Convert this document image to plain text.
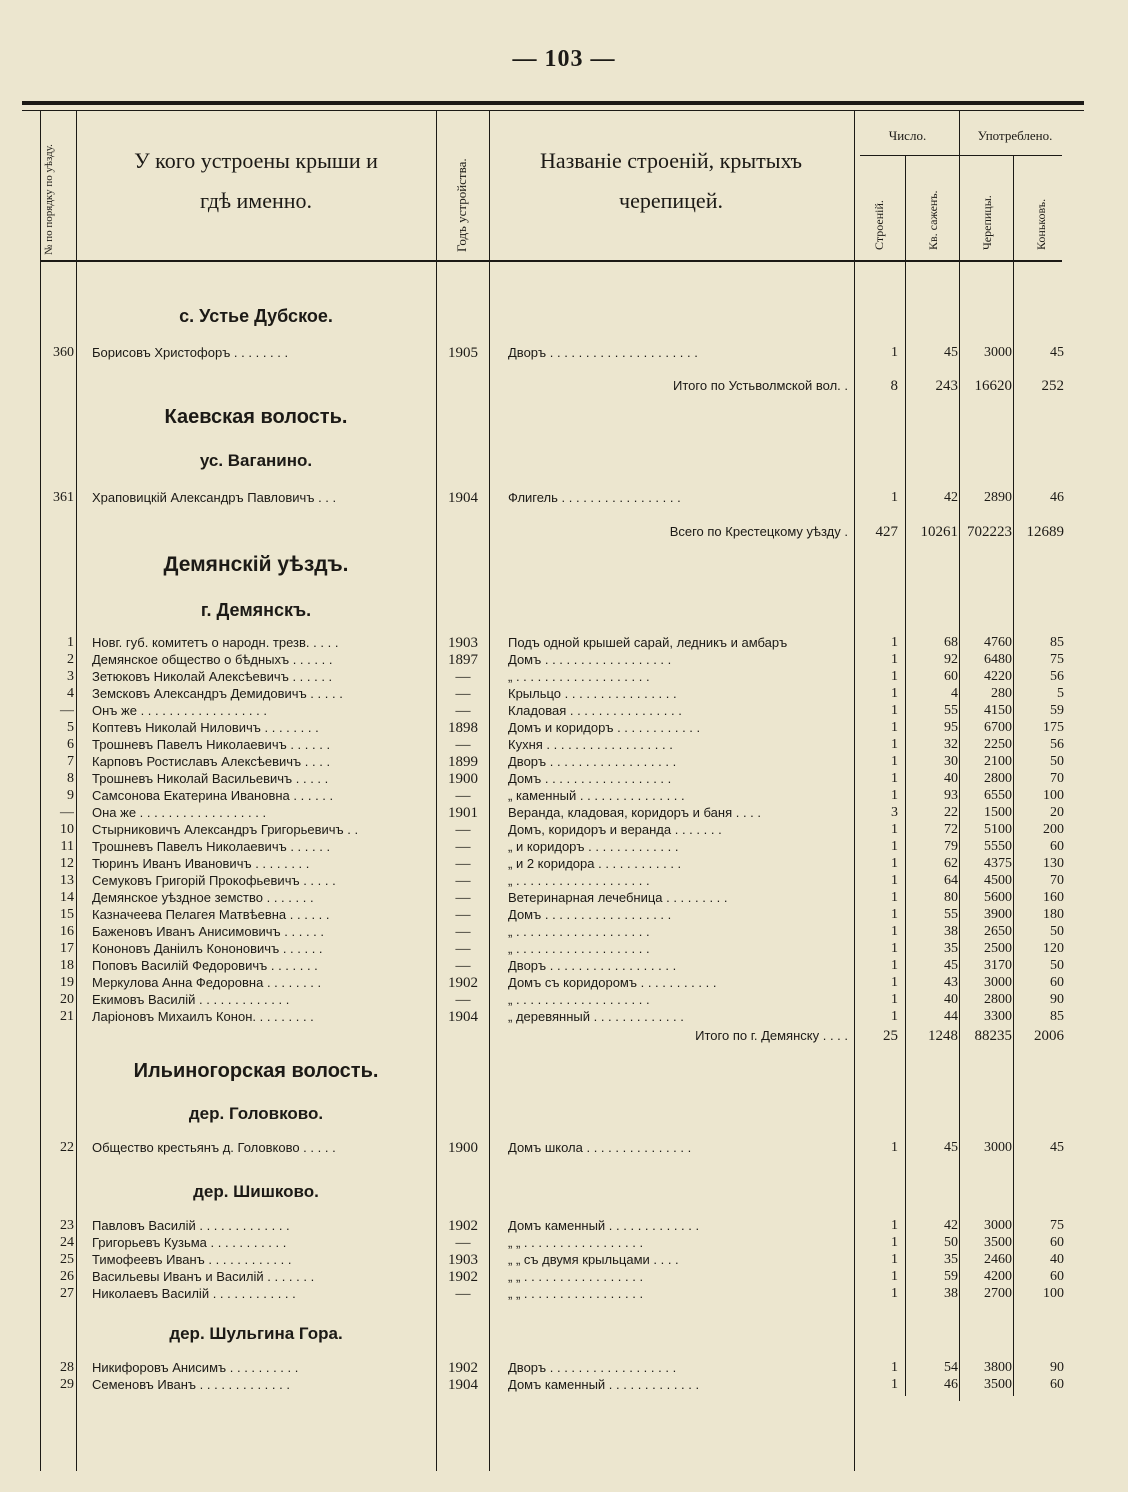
— 103 —
№ по порядку по уѣзду.	У кого устроены крыши и
гдѣ именно.	Годъ устройства.	Названіе строеній, крытыхъ
черепицей.
Число.	Употреблено.
Строеній.	Кв. саженъ.	Черепицы.	Коньковъ.
с. Устье Дубское.
Каевская волость.
ус. Ваганино.
Демянскій уѣздъ.
г. Демянскъ.
Ильиногорская волость.
дер. Головково.
дер. Шишково.
дер. Шульгина Гора.
Итого по Устьволмской вол. .	8	243	16620	252
Всего по Крестецкому уѣзду .	427	10261 702223 12689
Итого по г. Демянску . . . .	25	1248	88235	2006
360 Борисовъ Христофоръ . . . . . . . .	1905	Дворъ . . . . . . . . . . . . . . . . . . . . .	1	45	3000	45
361 Храповицкій Александръ Павловичъ . . .	1904	Флигель . . . . . . . . . . . . . . . . .	1	42	2890	46
1 Новг. губ. комитетъ о народн. трезв. . . . .	1903	Подъ одной крышей сарай, ледникъ и амбаръ	1	68	4760	85
2 Демянское общество о бѣдныхъ . . . . . .	1897	Домъ . . . . . . . . . . . . . . . . . .	1	92	6480	75
3 Зетюковъ Николай Алексѣевичъ . . . . . .	—	„ . . . . . . . . . . . . . . . . . . .	1	60	4220	56
4 Земсковъ Александръ Демидовичъ . . . . .	—	Крыльцо . . . . . . . . . . . . . . . .	1	4	280	5
— Онъ же . . . . . . . . . . . . . . . . . .	—	Кладовая . . . . . . . . . . . . . . . .	1	55	4150	59
5 Коптевъ Николай Ниловичъ . . . . . . . .	1898	Домъ и коридоръ . . . . . . . . . . . .	1	95	6700	175
6 Трошневъ Павелъ Николаевичъ . . . . . .	—	Кухня . . . . . . . . . . . . . . . . . .	1	32	2250	56
7 Карповъ Ростиславъ Алексѣевичъ . . . .	1899	Дворъ . . . . . . . . . . . . . . . . . .	1	30	2100	50
8 Трошневъ Николай Васильевичъ . . . . .	1900	Домъ . . . . . . . . . . . . . . . . . .	1	40	2800	70
9 Самсонова Екатерина Ивановна . . . . . .	—	„ каменный . . . . . . . . . . . . . . .	1	93	6550	100
— Она же . . . . . . . . . . . . . . . . . .	1901	Веранда, кладовая, коридоръ и баня . . . .	3	22	1500	20
10 Стырниковичъ Александръ Григорьевичъ . .	—	Домъ, коридоръ и веранда . . . . . . .	1	72	5100	200
11 Трошневъ Павелъ Николаевичъ . . . . . .	—	„ и коридоръ . . . . . . . . . . . . .	1	79	5550	60
12 Тюринъ Иванъ Ивановичъ . . . . . . . .	—	„ и 2 коридора . . . . . . . . . . . .	1	62	4375	130
13 Семуковъ Григорій Прокофьевичъ . . . . .	—	„ . . . . . . . . . . . . . . . . . . .	1	64	4500	70
14 Демянское уѣздное земство . . . . . . .	—	Ветеринарная лечебница . . . . . . . . .	1	80	5600	160
15 Казначеева Пелагея Матвѣевна . . . . . .	—	Домъ . . . . . . . . . . . . . . . . . .	1	55	3900	180
16 Баженовъ Иванъ Анисимовичъ . . . . . .	—	„ . . . . . . . . . . . . . . . . . . .	1	38	2650	50
17 Кононовъ Даніилъ Кононовичъ . . . . . .	—	„ . . . . . . . . . . . . . . . . . . .	1	35	2500	120
18 Поповъ Василій Федоровичъ . . . . . . .	—	Дворъ . . . . . . . . . . . . . . . . . .	1	45	3170	50
19 Меркулова Анна Федоровна . . . . . . . .	1902	Домъ съ коридоромъ . . . . . . . . . . .	1	43	3000	60
20 Екимовъ Василій . . . . . . . . . . . . .	—	„ . . . . . . . . . . . . . . . . . . .	1	40	2800	90
21 Ларіоновъ Михаилъ Конон. . . . . . . . .	1904	„ деревянный . . . . . . . . . . . . .	1	44	3300	85
22 Общество крестьянъ д. Головково . . . . .	1900	Домъ школа . . . . . . . . . . . . . . .	1	45	3000	45
23 Павловъ Василій . . . . . . . . . . . . .	1902	Домъ каменный . . . . . . . . . . . . .	1	42	3000	75
24 Григорьевъ Кузьма . . . . . . . . . . .	—	„ „ . . . . . . . . . . . . . . . . .	1	50	3500	60
25 Тимофеевъ Иванъ . . . . . . . . . . . .	1903	„ „ съ двумя крыльцами . . . .	1	35	2460	40
26 Васильевы Иванъ и Василій . . . . . . .	1902	„ „ . . . . . . . . . . . . . . . . .	1	59	4200	60
27 Николаевъ Василій . . . . . . . . . . . .	—	„ „ . . . . . . . . . . . . . . . . .	1	38	2700	100
28 Никифоровъ Анисимъ . . . . . . . . . .	1902	Дворъ . . . . . . . . . . . . . . . . . .	1	54	3800	90
29 Семеновъ Иванъ . . . . . . . . . . . . .	1904	Домъ каменный . . . . . . . . . . . . .	1	46	3500	60
